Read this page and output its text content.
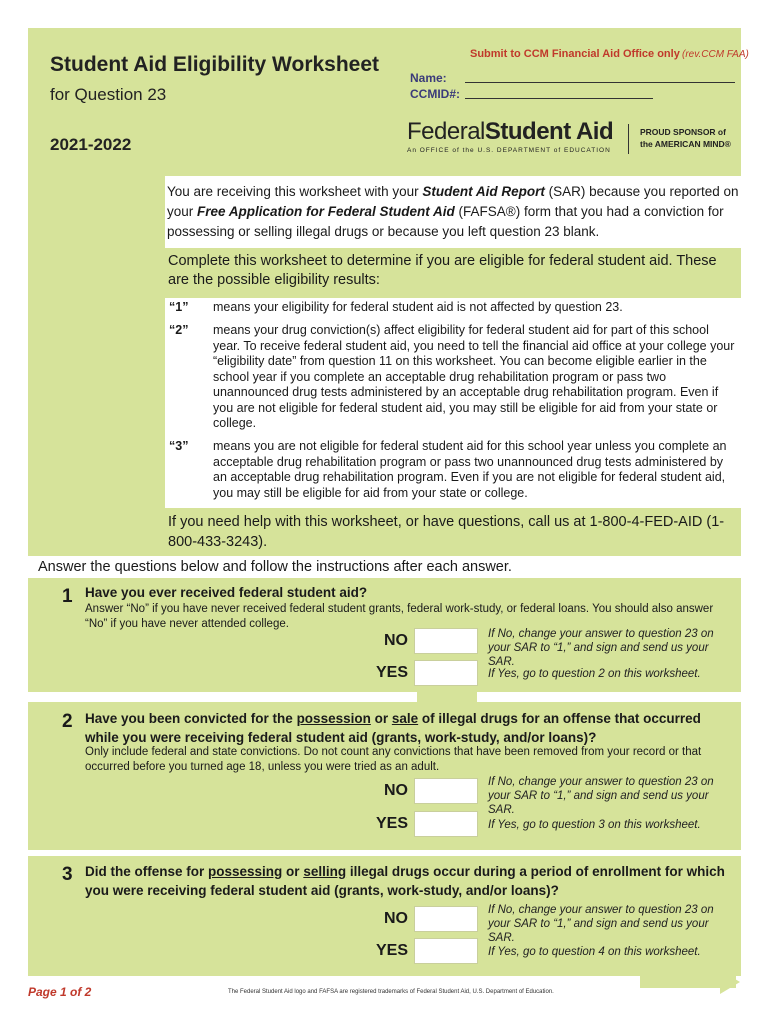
Student Aid Eligibility Worksheet
for Question 23
2021-2022
Submit to CCM Financial Aid Office only (rev.CCM FAA)
Name:
CCMID#:
FederalStudent Aid
An OFFICE of the U.S. DEPARTMENT of EDUCATION
PROUD SPONSOR of
the AMERICAN MIND®
You are receiving this worksheet with your Student Aid Report (SAR) because you reported on your Free Application for Federal Student Aid (FAFSA®) form that you had a conviction for possessing or selling illegal drugs or because you left question 23 blank.
Complete this worksheet to determine if you are eligible for federal student aid. These are the possible eligibility results:
“1” means your eligibility for federal student aid is not affected by question 23.
“2” means your drug conviction(s) affect eligibility for federal student aid for part of this school year. To receive federal student aid, you need to tell the financial aid office at your college your “eligibility date” from question 11 on this worksheet. You can become eligible earlier in the school year if you complete an acceptable drug rehabilitation program or pass two unannounced drug tests administered by an acceptable drug rehabilitation program. Even if you are not eligible for federal student aid, you may still be eligible for aid from your state or college.
“3” means you are not eligible for federal student aid for this school year unless you complete an acceptable drug rehabilitation program or pass two unannounced drug tests administered by an acceptable drug rehabilitation program. Even if you are not eligible for federal student aid, you may still be eligible for aid from your state or college.
If you need help with this worksheet, or have questions, call us at 1-800-4-FED-AID (1-800-433-3243).
Answer the questions below and follow the instructions after each answer.
1 Have you ever received federal student aid?
Answer “No” if you have never received federal student grants, federal work-study, or federal loans. You should also answer “No” if you have never attended college.
NO	If No, change your answer to question 23 on your SAR to “1,” and sign and send us your SAR.
YES	If Yes, go to question 2 on this worksheet.
2 Have you been convicted for the possession or sale of illegal drugs for an offense that occurred while you were receiving federal student aid (grants, work-study, and/or loans)?
Only include federal and state convictions. Do not count any convictions that have been removed from your record or that occurred before you turned age 18, unless you were tried as an adult.
NO	If No, change your answer to question 23 on your SAR to “1,” and sign and send us your SAR.
YES	If Yes, go to question 3 on this worksheet.
3 Did the offense for possessing or selling illegal drugs occur during a period of enrollment for which you were receiving federal student aid (grants, work-study, and/or loans)?
NO	If No, change your answer to question 23 on your SAR to “1,” and sign and send us your SAR.
YES	If Yes, go to question 4 on this worksheet.
Page 1 of 2	The Federal Student Aid logo and FAFSA are registered trademarks of Federal Student Aid, U.S. Department of Education.
